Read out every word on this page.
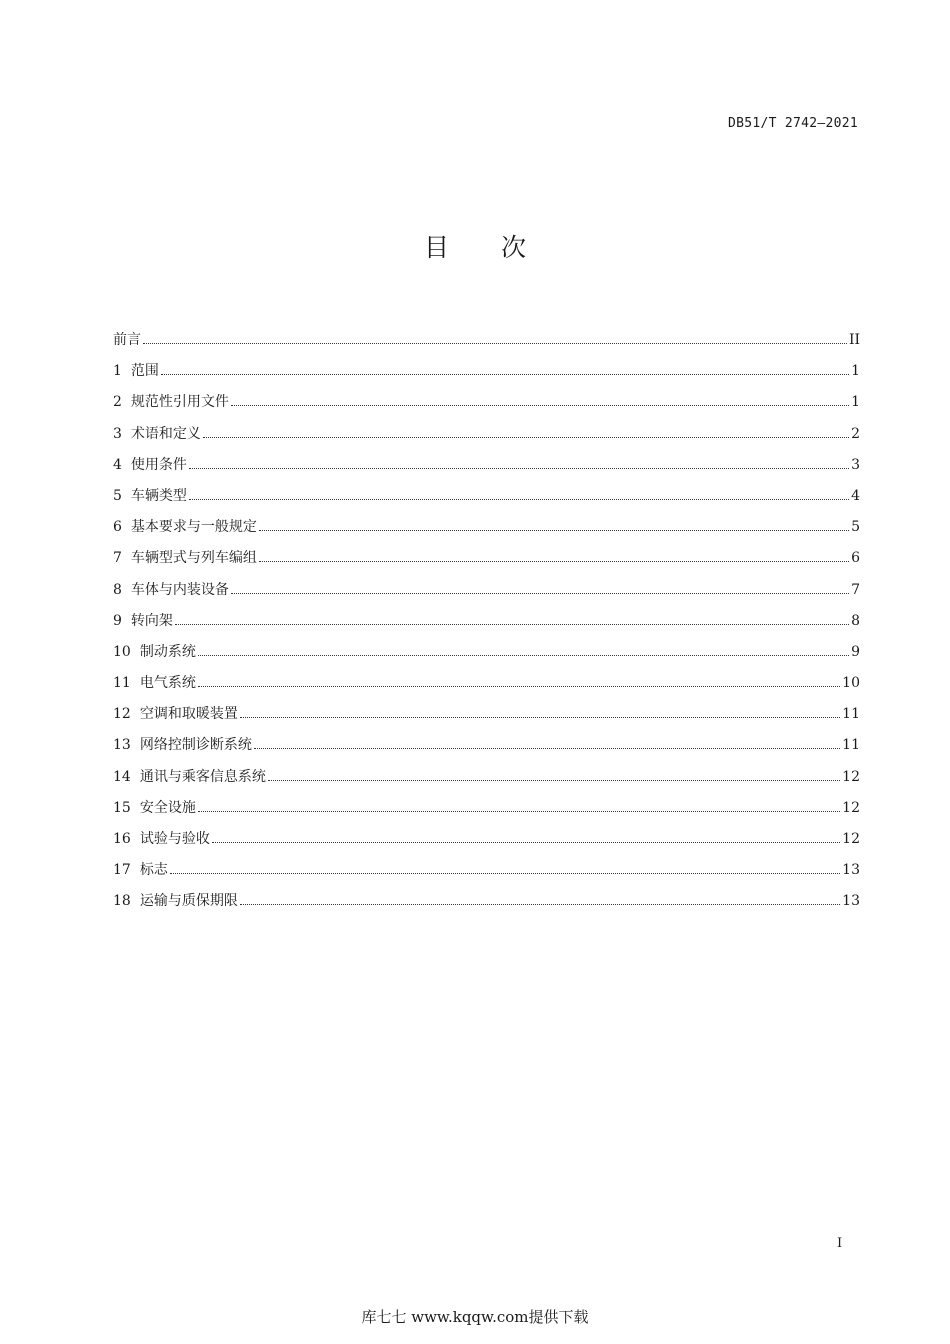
DB51/T 2742—2021
目次
前言	II
1 范围	1
2 规范性引用文件	1
3 术语和定义	2
4 使用条件	3
5 车辆类型	4
6 基本要求与一般规定	5
7 车辆型式与列车编组	6
8 车体与内装设备	7
9 转向架	8
10 制动系统	9
11 电气系统	10
12 空调和取暖装置	11
13 网络控制诊断系统	11
14 通讯与乘客信息系统	12
15 安全设施	12
16 试验与验收	12
17 标志	13
18 运输与质保期限	13
I
库七七 www.kqqw.com提供下载
